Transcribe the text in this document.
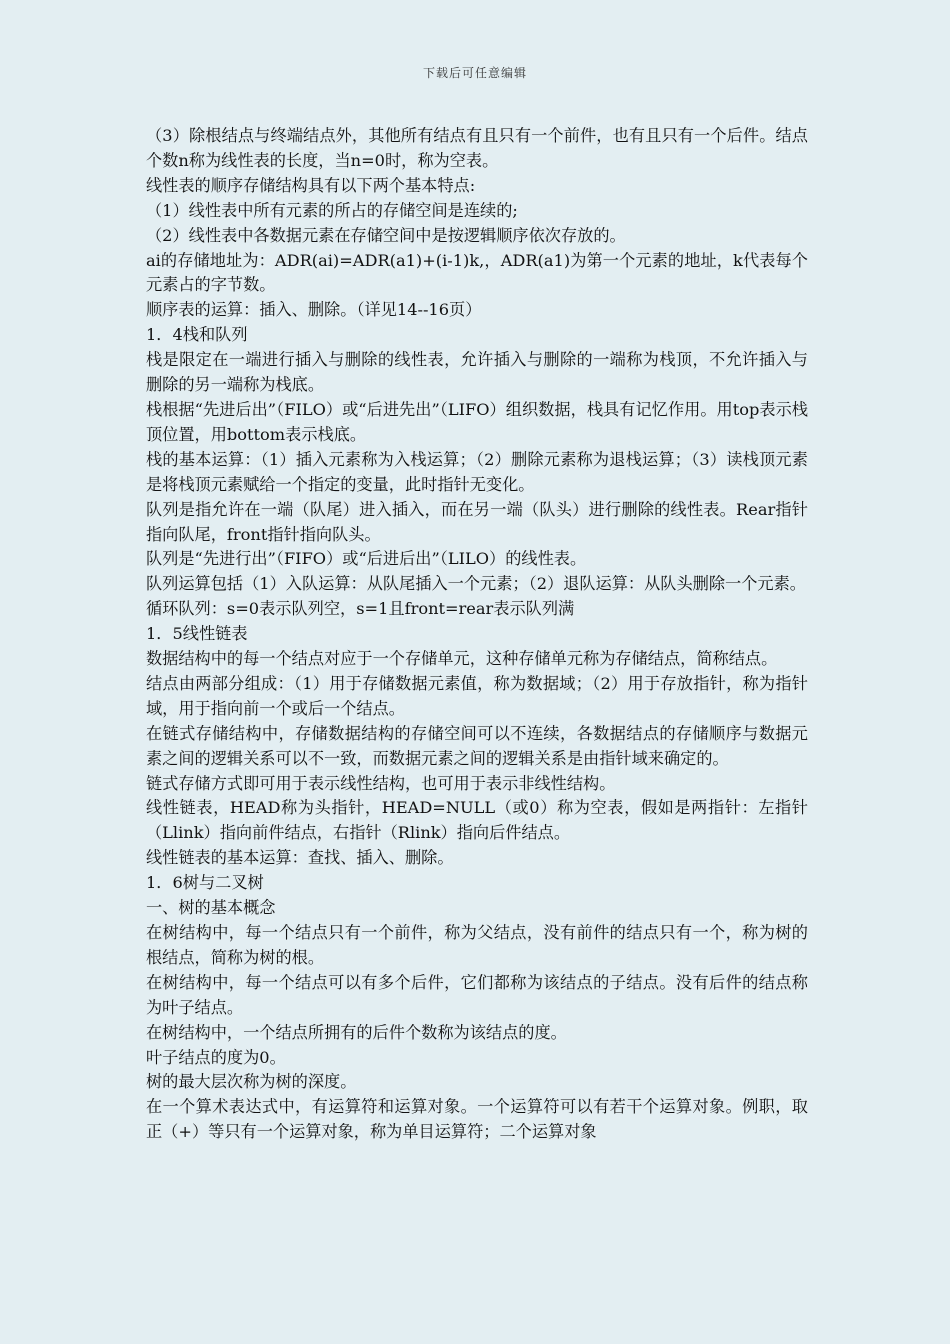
下载后可任意编辑

（3）除根结点与终端结点外，其他所有结点有且只有一个前件，也有且只有一个后件。结点个数n称为线性表的长度，当n=0时，称为空表。

线性表的顺序存储结构具有以下两个基本特点:

（1）线性表中所有元素的所占的存储空间是连续的;

（2）线性表中各数据元素在存储空间中是按逻辑顺序依次存放的。

ai的存储地址为：ADR(ai)=ADR(a1)+(i-1)k,，ADR(a1)为第一个元素的地址，k代表每个元素占的字节数。

顺序表的运算：插入、删除。（详见14--16页）

1．4栈和队列

栈是限定在一端进行插入与删除的线性表，允许插入与删除的一端称为栈顶，不允许插入与删除的另一端称为栈底。

栈根据“先进后出”（FILO）或“后进先出”（LIFO）组织数据，栈具有记忆作用。用top表示栈顶位置，用bottom表示栈底。

栈的基本运算：（1）插入元素称为入栈运算；（2）删除元素称为退栈运算；（3）读栈顶元素是将栈顶元素赋给一个指定的变量，此时指针无变化。

队列是指允许在一端（队尾）进入插入，而在另一端（队头）进行删除的线性表。Rear指针指向队尾，front指针指向队头。

队列是“先进行出”（FIFO）或“后进后出”（LILO）的线性表。

队列运算包括（1）入队运算：从队尾插入一个元素；（2）退队运算：从队头删除一个元素。

循环队列：s=0表示队列空，s=1且front=rear表示队列满

1．5线性链表

数据结构中的每一个结点对应于一个存储单元，这种存储单元称为存储结点，简称结点。

结点由两部分组成：（1）用于存储数据元素值，称为数据域；（2）用于存放指针，称为指针域，用于指向前一个或后一个结点。

在链式存储结构中，存储数据结构的存储空间可以不连续，各数据结点的存储顺序与数据元素之间的逻辑关系可以不一致，而数据元素之间的逻辑关系是由指针域来确定的。

链式存储方式即可用于表示线性结构，也可用于表示非线性结构。

线性链表，HEAD称为头指针，HEAD=NULL（或0）称为空表，假如是两指针：左指针（Llink）指向前件结点，右指针（Rlink）指向后件结点。

线性链表的基本运算：查找、插入、删除。

1．6树与二叉树

一、树的基本概念

在树结构中，每一个结点只有一个前件，称为父结点，没有前件的结点只有一个，称为树的根结点，简称为树的根。

在树结构中，每一个结点可以有多个后件，它们都称为该结点的子结点。没有后件的结点称为叶子结点。

在树结构中，一个结点所拥有的后件个数称为该结点的度。

叶子结点的度为0。

树的最大层次称为树的深度。

在一个算术表达式中，有运算符和运算对象。一个运算符可以有若干个运算对象。例职，取正（+）等只有一个运算对象，称为单目运算符；二个运算对象
